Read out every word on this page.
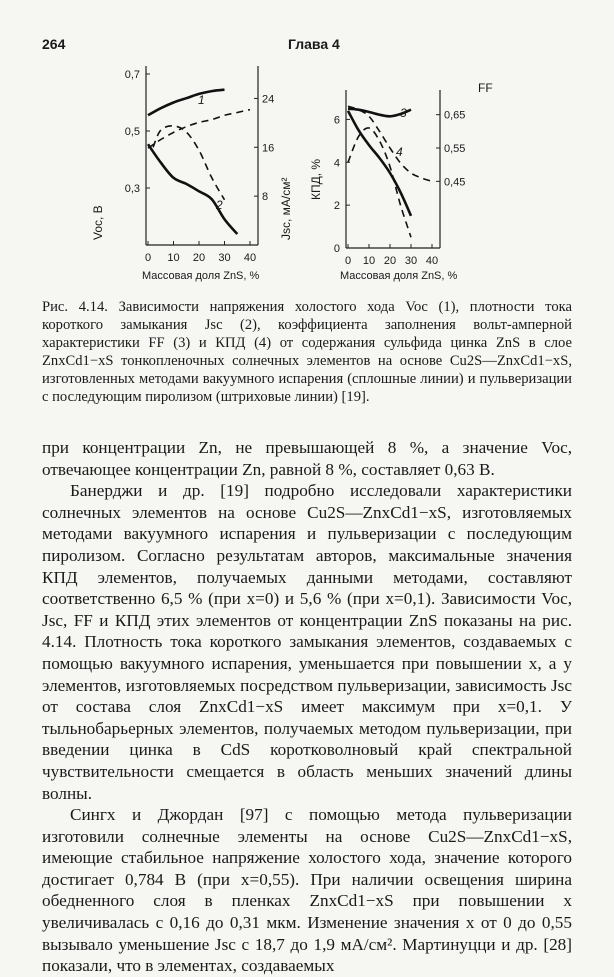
264	Глава 4
Voc, В	Jsc, мА/см²
Массовая доля ZnS, %
0 10 20 30 40
0,3
0,5
0,7
8
16
24
1
2
КПД, %
FF
Массовая доля ZnS, %
0 10 20 30 40
0
2
4
6
0,45
0,55
0,65
3
4
Рис. 4.14. Зависимости напряжения холостого хода Voc (1), плотности тока короткого замыкания Jsc (2), коэффициента заполнения вольт-амперной характеристики FF (3) и КПД (4) от содержания сульфида цинка ZnS в слое ZnxCd1−xS тонкопленочных солнечных элементов на основе Cu2S—ZnxCd1−xS, изготовленных методами вакуумного испарения (сплошные линии) и пульверизации с последующим пиролизом (штриховые линии) [19].

при концентрации Zn, не превышающей 8 %, а значение Voc, отвечающее концентрации Zn, равной 8 %, составляет 0,63 В.

Банерджи и др. [19] подробно исследовали характеристики солнечных элементов на основе Cu2S—ZnxCd1−xS, изготовляемых методами вакуумного испарения и пульверизации с последующим пиролизом. Согласно результатам авторов, максимальные значения КПД элементов, получаемых данными методами, составляют соответственно 6,5 % (при x=0) и 5,6 % (при x=0,1). Зависимости Voc, Jsc, FF и КПД этих элементов от концентрации ZnS показаны на рис. 4.14. Плотность тока короткого замыкания элементов, создаваемых с помощью вакуумного испарения, уменьшается при повышении x, а у элементов, изготовляемых посредством пульверизации, зависимость Jsc от состава слоя ZnxCd1−xS имеет максимум при x=0,1. У тыльнобарьерных элементов, получаемых методом пульверизации, при введении цинка в CdS коротковолновый край спектральной чувствительности смещается в область меньших значений длины волны.

Сингх и Джордан [97] с помощью метода пульверизации изготовили солнечные элементы на основе Cu2S—ZnxCd1−xS, имеющие стабильное напряжение холостого хода, значение которого достигает 0,784 В (при x=0,55). При наличии освещения ширина обедненного слоя в пленках ZnxCd1−xS при повышении x увеличивалась с 0,16 до 0,31 мкм. Изменение значения x от 0 до 0,55 вызывало уменьшение Jsc с 18,7 до 1,9 мА/см². Мартинуцци и др. [28] показали, что в элементах, создаваемых
